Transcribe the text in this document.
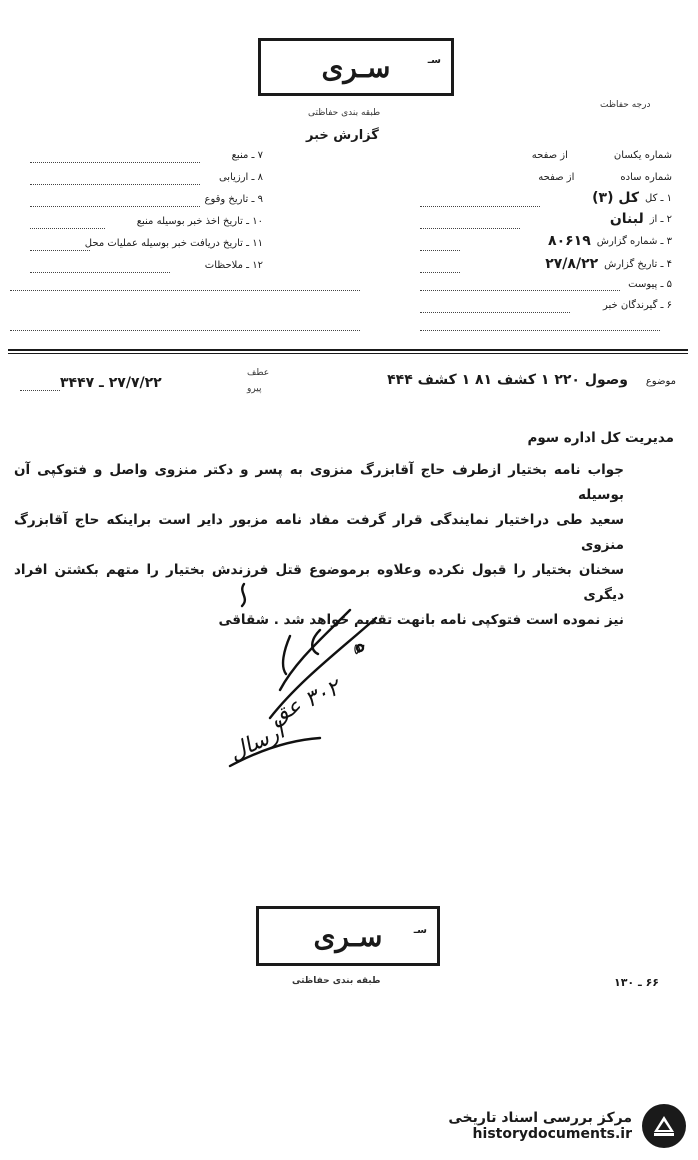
سـ
سـرى
طبقه بندی حفاظتی
گزارش خبر
درجه حفاظت
۷ ـ منبع
۸ ـ ارزیابی
۹ ـ تاریخ وقوع
۱۰ ـ تاریخ اخذ خبر بوسیله منبع
۱۱ ـ تاریخ دریافت خبر بوسیله عملیات محل
۱۲ ـ ملاحظات
شماره یکسان
از صفحه
شماره ساده
از صفحه
۱ ـ کل
کل (۳)
۲ ـ از
لبنان
۳ ـ شماره گزارش
۸۰۶۱۹
۴ ـ تاریخ گزارش
۲۷/۸/۲۲
۵ ـ پیوست
۶ ـ گیرندگان خبر
موضوع
وصول ۲۲۰ ۱ کشف ۸۱ ۱ کشف ۴۴۴
عطف
پیرو
۲۷/۷/۲۲ ـ ۳۴۴۷
مدیریت کل اداره سوم
جواب نامه بختیار ازطرف حاج آقابزرگ منزوی به پسر و دکتر منزوی واصل و فتوکپی آن بوسیله
سعید طی دراختیار نمایندگی قرار گرفت مفاد نامه مزبور دایر است براینکه حاج آقابزرگ منزوی
سخنان بختیار را قبول نکرده وعلاوه برموضوع قتل فرزندش بختیار را متهم بکشتن افراد دیگری
نیز نموده است فتوکپی نامه بانهت تقدیم خواهد شد . شقاقی
۵۰
۳۰۲ عق
ارسال
سـ
سـرى
طبقه بندی حفاظتی	۶۶ ـ ۱۳۰
مرکز بررسی اسناد تاریخی
historydocuments.ir
